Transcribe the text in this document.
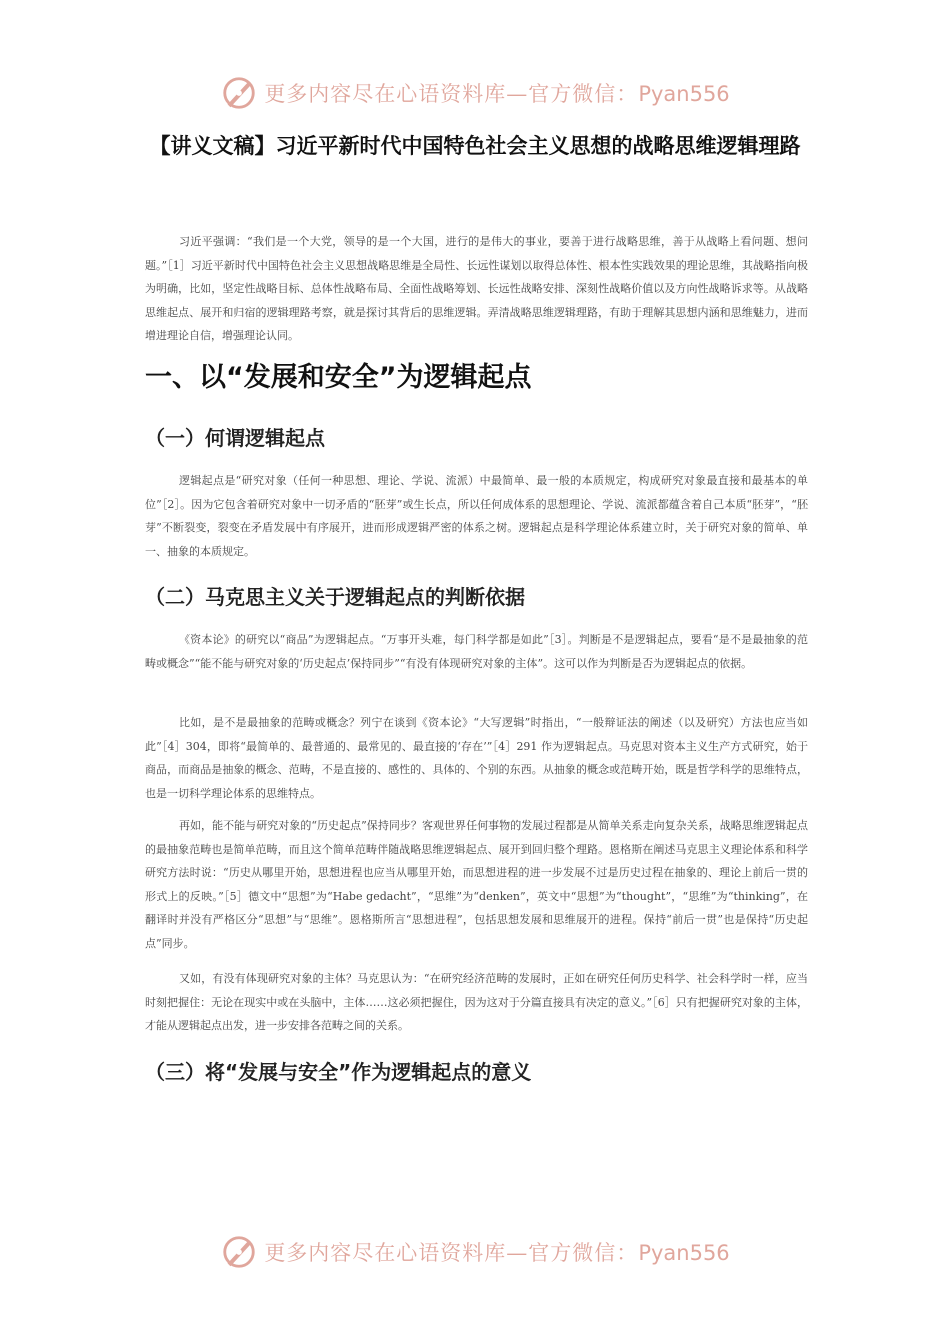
更多内容尽在心语资料库—官方微信：Pyan556
【讲义文稿】习近平新时代中国特色社会主义思想的战略思维逻辑理路

习近平强调：“我们是一个大党，领导的是一个大国，进行的是伟大的事业，要善于进行战略思维，善于从战略上看问题、想问题。”［1］习近平新时代中国特色社会主义思想战略思维是全局性、长远性谋划以取得总体性、根本性实践效果的理论思维，其战略指向极为明确，比如，坚定性战略目标、总体性战略布局、全面性战略筹划、长远性战略安排、深刻性战略价值以及方向性战略诉求等。从战略思维起点、展开和归宿的逻辑理路考察，就是探讨其背后的思维逻辑。弄清战略思维逻辑理路，有助于理解其思想内涵和思维魅力，进而增进理论自信，增强理论认同。

一、以“发展和安全”为逻辑起点
（一）何谓逻辑起点

逻辑起点是“研究对象（任何一种思想、理论、学说、流派）中最简单、最一般的本质规定，构成研究对象最直接和最基本的单位”［2］。因为它包含着研究对象中一切矛盾的“胚芽”或生长点，所以任何成体系的思想理论、学说、流派都蕴含着自己本质“胚芽”，“胚芽”不断裂变，裂变在矛盾发展中有序展开，进而形成逻辑严密的体系之树。逻辑起点是科学理论体系建立时，关于研究对象的简单、单一、抽象的本质规定。

（二）马克思主义关于逻辑起点的判断依据

《资本论》的研究以“商品”为逻辑起点。“万事开头难，每门科学都是如此”［3］。判断是不是逻辑起点，要看“是不是最抽象的范畴或概念”“能不能与研究对象的‘历史起点’保持同步”“有没有体现研究对象的主体”。这可以作为判断是否为逻辑起点的依据。

比如，是不是最抽象的范畴或概念？列宁在谈到《资本论》“大写逻辑”时指出，“一般辩证法的阐述（以及研究）方法也应当如此”［4］304，即将“最简单的、最普通的、最常见的、最直接的‘存在’”［4］291 作为逻辑起点。马克思对资本主义生产方式研究，始于商品，而商品是抽象的概念、范畴，不是直接的、感性的、具体的、个别的东西。从抽象的概念或范畴开始，既是哲学科学的思维特点，也是一切科学理论体系的思维特点。

再如，能不能与研究对象的“历史起点”保持同步？客观世界任何事物的发展过程都是从简单关系走向复杂关系，战略思维逻辑起点的最抽象范畴也是简单范畴，而且这个简单范畴伴随战略思维逻辑起点、展开到回归整个理路。恩格斯在阐述马克思主义理论体系和科学研究方法时说：“历史从哪里开始，思想进程也应当从哪里开始，而思想进程的进一步发展不过是历史过程在抽象的、理论上前后一贯的形式上的反映。”［5］德文中“思想”为“Habe gedacht”，“思维”为“denken”，英文中“思想”为“thought”，“思维”为“thinking”，在翻译时并没有严格区分“思想”与“思维”。恩格斯所言“思想进程”，包括思想发展和思维展开的进程。保持“前后一贯”也是保持“历史起点”同步。

又如，有没有体现研究对象的主体？马克思认为：“在研究经济范畴的发展时，正如在研究任何历史科学、社会科学时一样，应当时刻把握住：无论在现实中或在头脑中，主体……这必须把握住，因为这对于分篇直接具有决定的意义。”［6］只有把握研究对象的主体，才能从逻辑起点出发，进一步安排各范畴之间的关系。

（三）将“发展与安全”作为逻辑起点的意义
更多内容尽在心语资料库—官方微信：Pyan556
